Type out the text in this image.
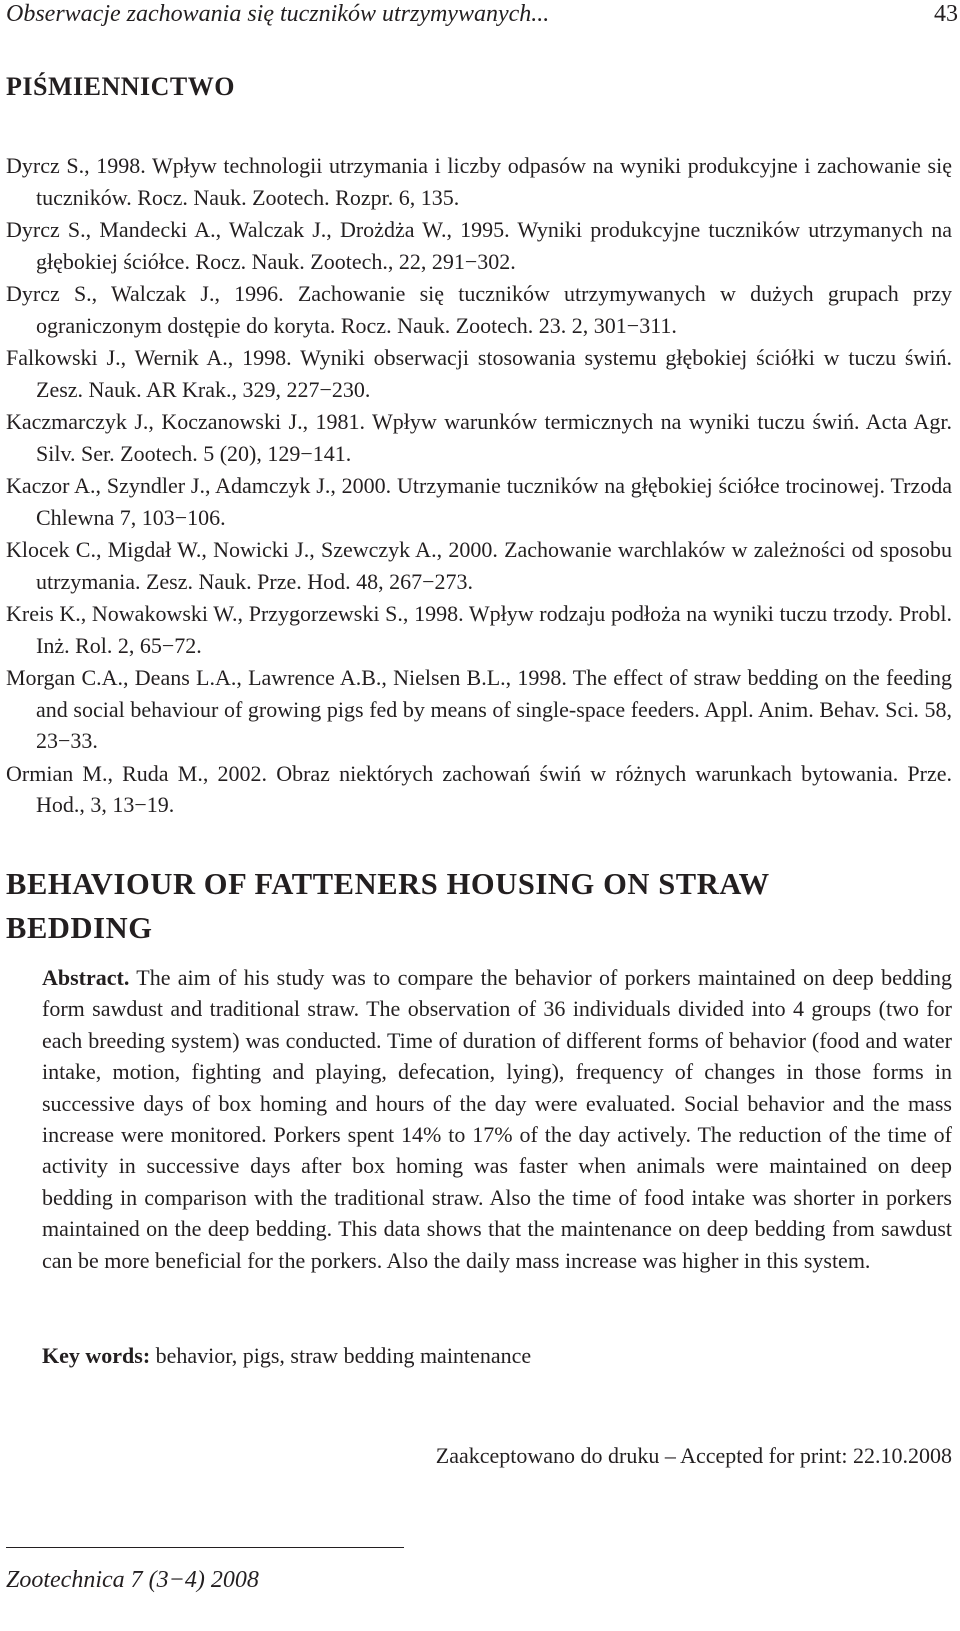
Obserwacje zachowania się tuczników utrzymywanych...	43
PIŚMIENNICTWO
Dyrcz S., 1998. Wpływ technologii utrzymania i liczby odpasów na wyniki produkcyjne i zachowanie się tuczników. Rocz. Nauk. Zootech. Rozpr. 6, 135.
Dyrcz S., Mandecki A., Walczak J., Drożdża W., 1995. Wyniki produkcyjne tuczników utrzymanych na głębokiej ściółce. Rocz. Nauk. Zootech., 22, 291−302.
Dyrcz S., Walczak J., 1996. Zachowanie się tuczników utrzymywanych w dużych grupach przy ograniczonym dostępie do koryta. Rocz. Nauk. Zootech. 23. 2, 301−311.
Falkowski J., Wernik A., 1998. Wyniki obserwacji stosowania systemu głębokiej ściółki w tuczu świń. Zesz. Nauk. AR Krak., 329, 227−230.
Kaczmarczyk J., Koczanowski J., 1981. Wpływ warunków termicznych na wyniki tuczu świń. Acta Agr. Silv. Ser. Zootech. 5 (20), 129−141.
Kaczor A., Szyndler J., Adamczyk J., 2000. Utrzymanie tuczników na głębokiej ściółce trocinowej. Trzoda Chlewna 7, 103−106.
Klocek C., Migdał W., Nowicki J., Szewczyk A., 2000. Zachowanie warchlaków w zależności od sposobu utrzymania. Zesz. Nauk. Prze. Hod. 48, 267−273.
Kreis K., Nowakowski W., Przygorzewski S., 1998. Wpływ rodzaju podłoża na wyniki tuczu trzody. Probl. Inż. Rol. 2, 65−72.
Morgan C.A., Deans L.A., Lawrence A.B., Nielsen B.L., 1998. The effect of straw bedding on the feeding and social behaviour of growing pigs fed by means of single-space feeders. Appl. Anim. Behav. Sci. 58, 23−33.
Ormian M., Ruda M., 2002. Obraz niektórych zachowań świń w różnych warunkach bytowania. Prze. Hod., 3, 13−19.
BEHAVIOUR OF FATTENERS HOUSING ON STRAW BEDDING

Abstract. The aim of his study was to compare the behavior of porkers maintained on deep bedding form sawdust and traditional straw. The observation of 36 individuals divided into 4 groups (two for each breeding system) was conducted. Time of duration of different forms of behavior (food and water intake, motion, fighting and playing, defecation, lying), frequency of changes in those forms in successive days of box homing and hours of the day were evaluated. Social behavior and the mass increase were monitored. Porkers spent 14% to 17% of the day actively. The reduction of the time of activity in successive days after box homing was faster when animals were maintained on deep bedding in comparison with the traditional straw. Also the time of food intake was shorter in porkers maintained on the deep bedding. This data shows that the maintenance on deep bedding from sawdust can be more beneficial for the porkers. Also the daily mass increase was higher in this system.

Key words: behavior, pigs, straw bedding maintenance

Zaakceptowano do druku – Accepted for print: 22.10.2008
Zootechnica 7 (3−4) 2008
